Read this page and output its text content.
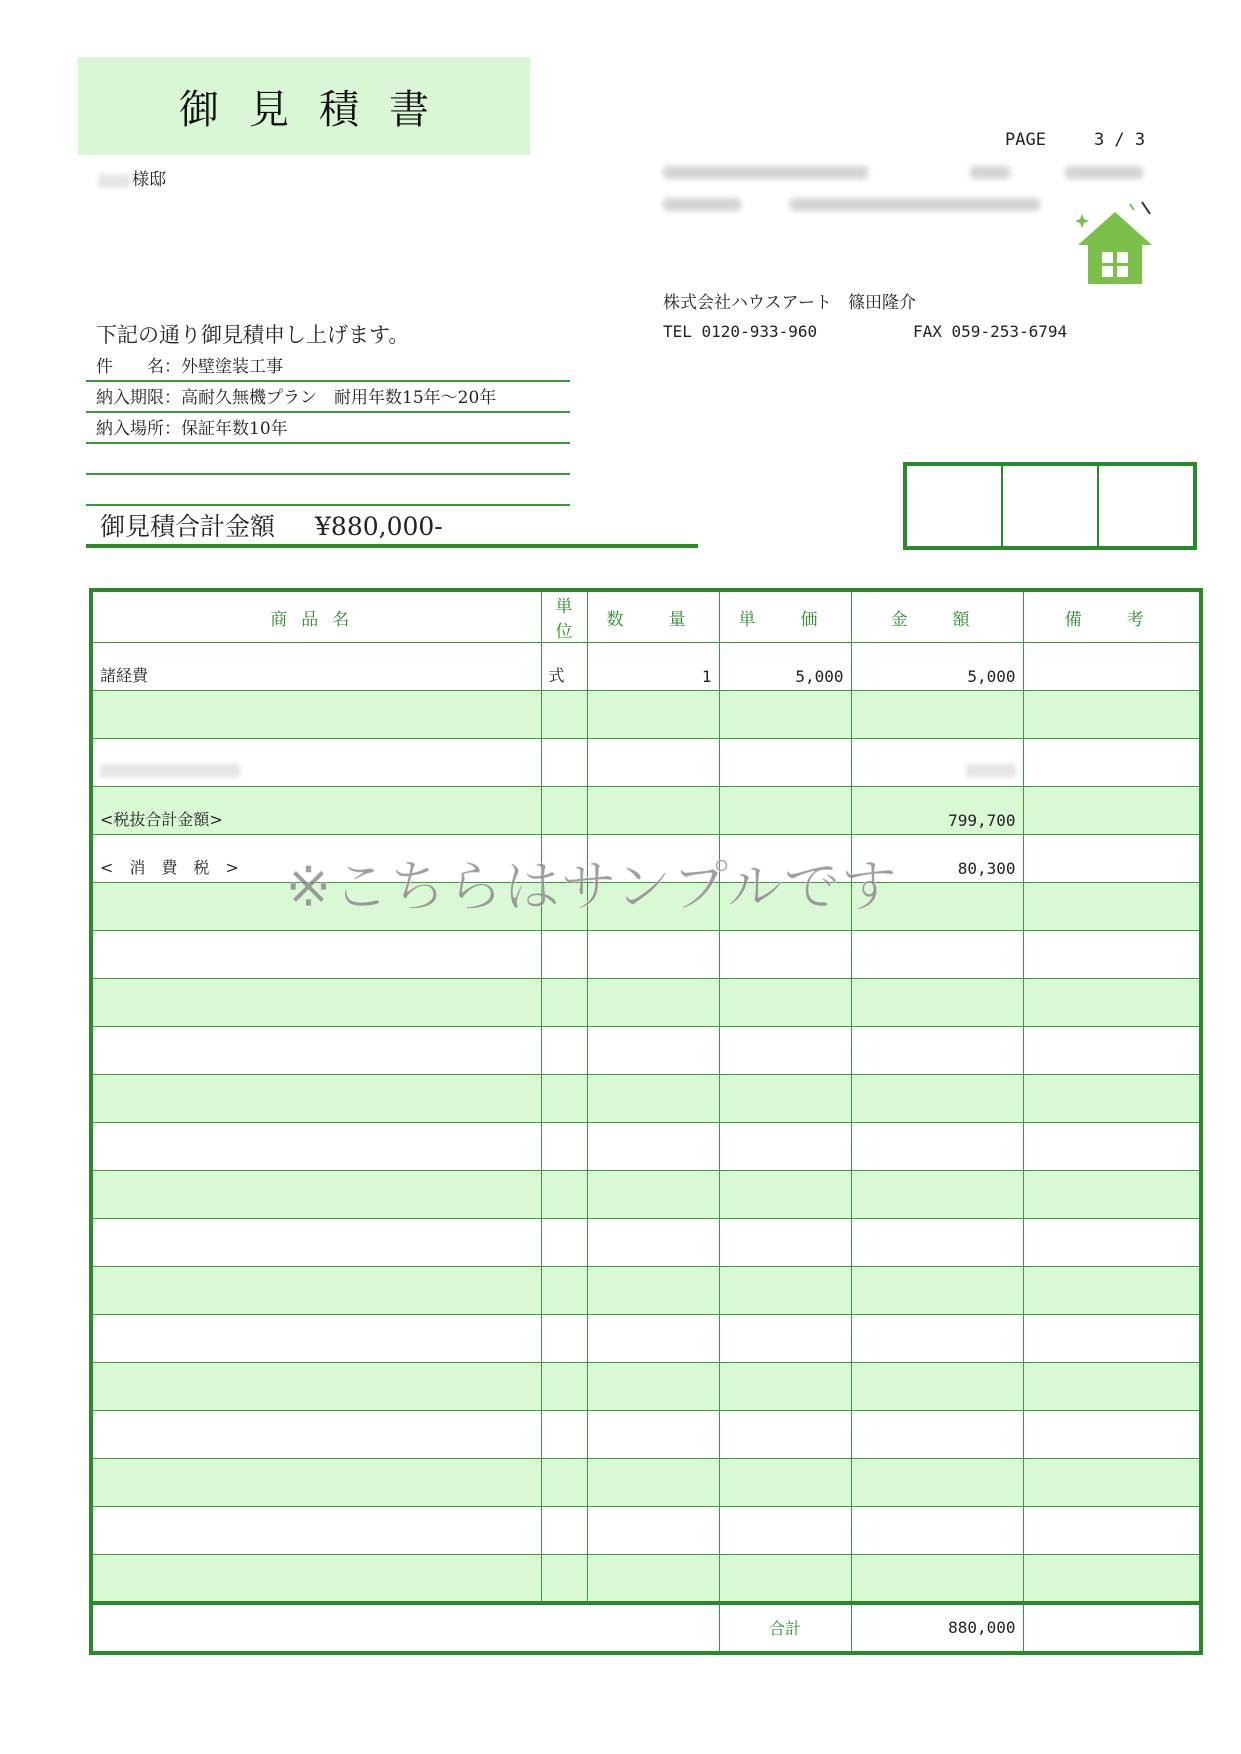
御見積書
PAGE	3 / 3
様邸
株式会社ハウスアート 篠田隆介
TEL 0120-933-960	FAX 059-253-6794
下記の通り御見積申し上げます。
件　　名：外壁塗装工事
納入期限：高耐久無機プラン　耐用年数15年～20年
納入場所：保証年数10年
御見積合計金額 ¥880,000-
商品名	単位	数　量	単　価	金　額	備　考
諸経費	式	1	5,000	5,000	

<税抜合計金額>				799,700	
<　消　費　税　>				80,300	

			合計	880,000	
※こちらはサンプルです
